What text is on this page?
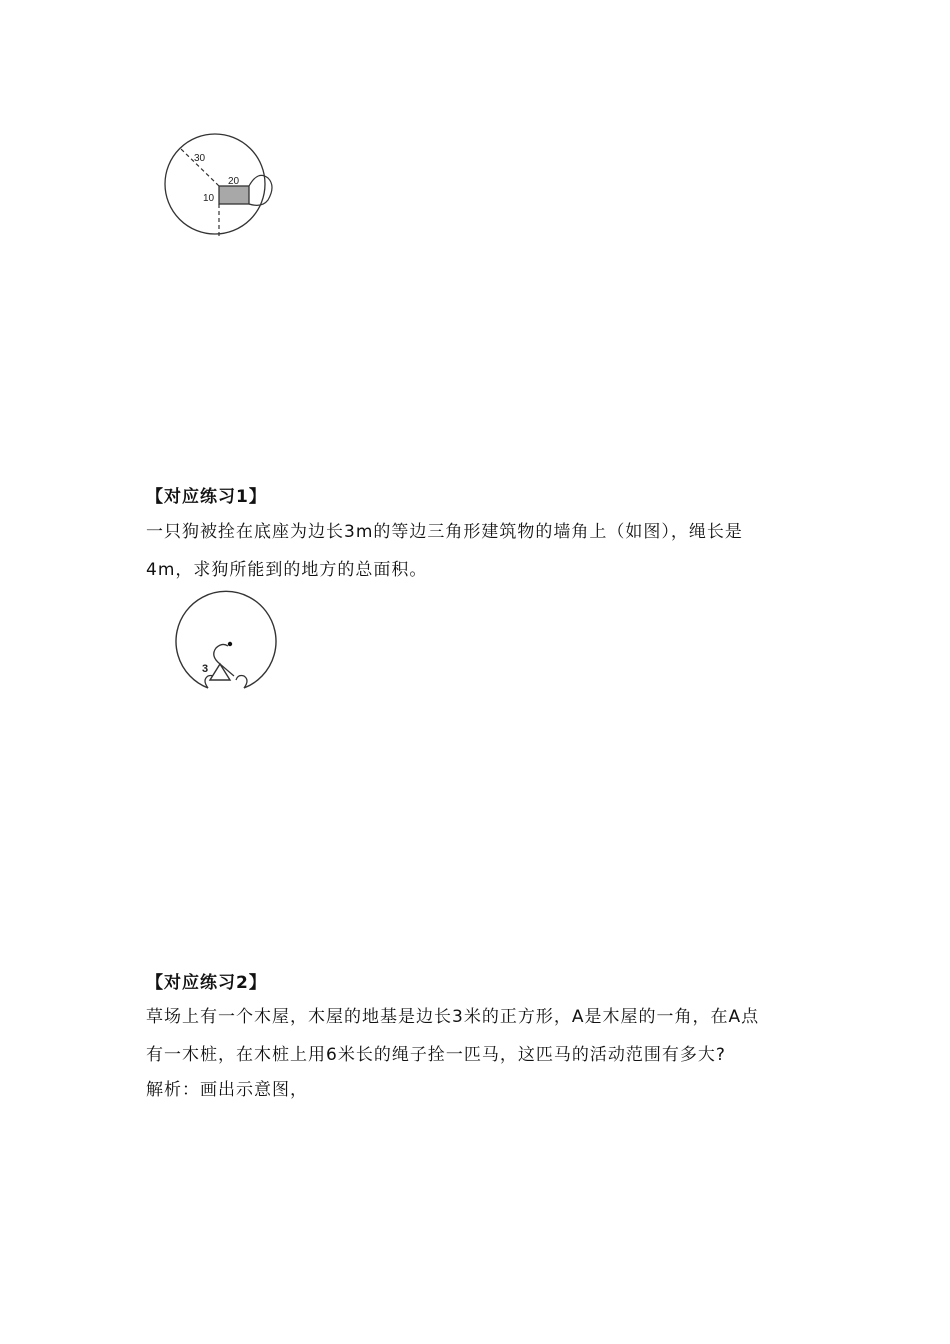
30
20
10
【对应练习1】
一只狗被拴在底座为边长3m的等边三角形建筑物的墙角上（如图），绳长是
4m，求狗所能到的地方的总面积。
3
【对应练习2】
草场上有一个木屋，木屋的地基是边长3米的正方形，A是木屋的一角，在A点
有一木桩，在木桩上用6米长的绳子拴一匹马，这匹马的活动范围有多大?
解析：画出示意图，
